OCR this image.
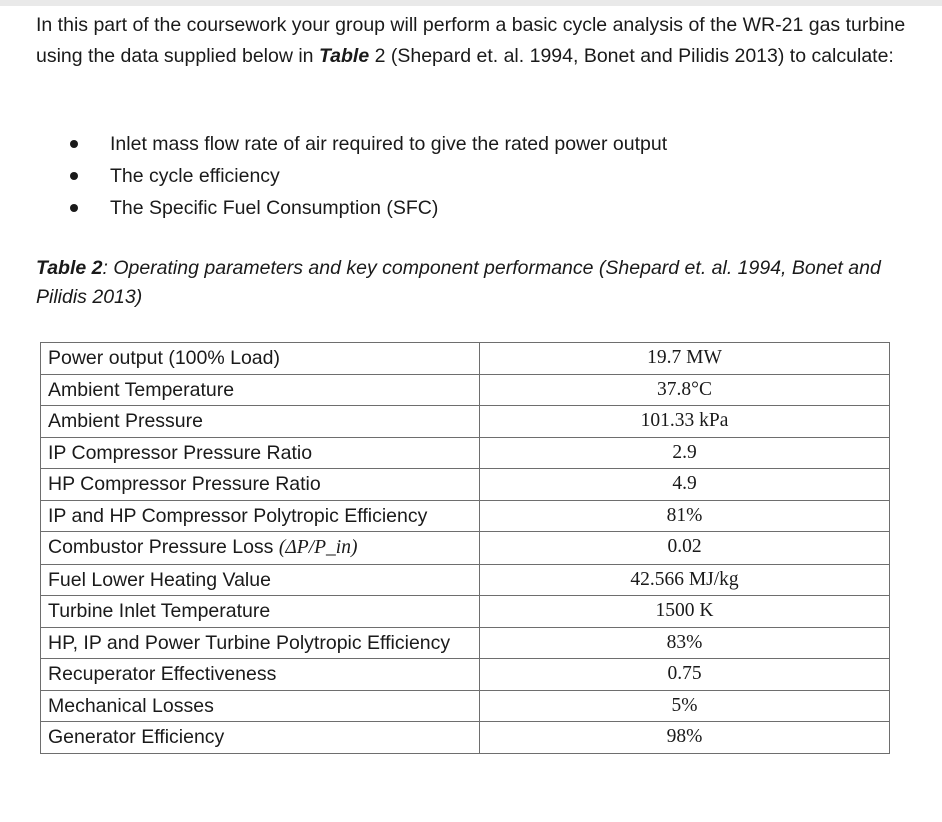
In this part of the coursework your group will perform a basic cycle analysis of the WR-21 gas turbine using the data supplied below in Table 2 (Shepard et. al. 1994, Bonet and Pilidis 2013) to calculate:

Inlet mass flow rate of air required to give the rated power output
The cycle efficiency
The Specific Fuel Consumption (SFC)

Table 2: Operating parameters and key component performance (Shepard et. al. 1994, Bonet and Pilidis 2013)

Power output (100% Load)	19.7 MW
Ambient Temperature	37.8°C
Ambient Pressure	101.33 kPa
IP Compressor Pressure Ratio	2.9
HP Compressor Pressure Ratio	4.9
IP and HP Compressor Polytropic Efficiency	81%
Combustor Pressure Loss (ΔP/P_in)	0.02
Fuel Lower Heating Value	42.566 MJ/kg
Turbine Inlet Temperature	1500 K
HP, IP and Power Turbine Polytropic Efficiency	83%
Recuperator Effectiveness	0.75
Mechanical Losses	5%
Generator Efficiency	98%
